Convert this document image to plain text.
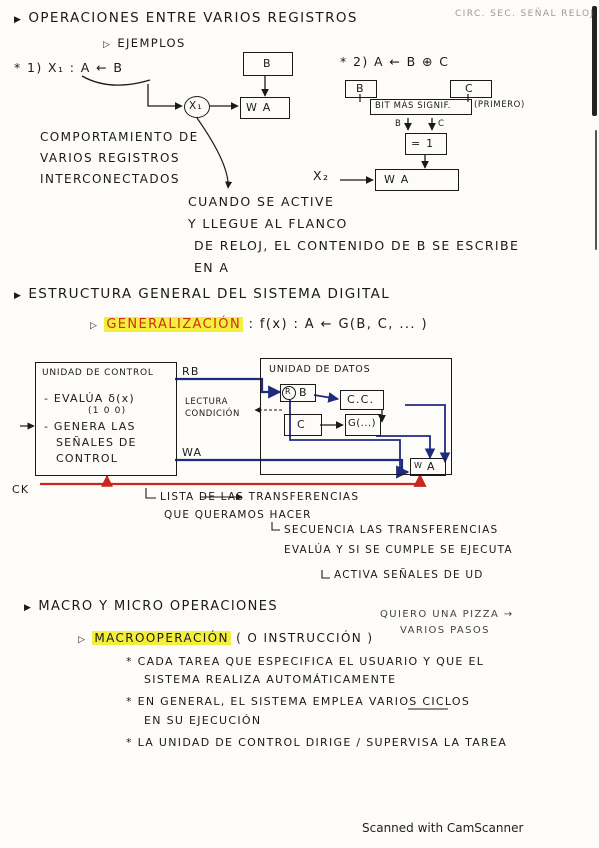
▶ OPERACIONES ENTRE VARIOS REGISTROS	CIRC. SEC. SEÑAL RELOJ
▷ EJEMPLOS
* 1) X₁ : A ← B	B
X₁	W A
* 2) A ← B ⊕ C
B	C
BIT MÁS SIGNIF.	(PRIMERO)
B	C
= 1
X₂	W A
COMPORTAMIENTO DE
VARIOS REGISTROS
INTERCONECTADOS
CUANDO SE ACTIVE
Y LLEGUE AL FLANCO
DE RELOJ, EL CONTENIDO DE B SE ESCRIBE
EN A
▶ ESTRUCTURA GENERAL DEL SISTEMA DIGITAL
▷ GENERALIZACIÓN : f(x) : A ← G(B, C, ... )
UNIDAD DE CONTROL
- EVALÚA δ(x)
(1 0 0)
- GENERA LAS
SEÑALES DE
CONTROL
RB
LECTURA
CONDICIÓN
WA
CK
UNIDAD DE DATOS
R B
C.C.
C	G(...)
W A
LISTA DE LAS TRANSFERENCIAS
QUE QUERAMOS HACER
SECUENCIA LAS TRANSFERENCIAS
EVALÚA Y SI SE CUMPLE SE EJECUTA
ACTIVA SEÑALES DE UD
▶ MACRO Y MICRO OPERACIONES
QUIERO UNA PIZZA →
VARIOS PASOS
▷ MACROOPERACIÓN ( O INSTRUCCIÓN )
* CADA TAREA QUE ESPECIFICA EL USUARIO Y QUE EL
SISTEMA REALIZA AUTOMÁTICAMENTE
* EN GENERAL, EL SISTEMA EMPLEA VARIOS CICLOS
EN SU EJECUCIÓN
* LA UNIDAD DE CONTROL DIRIGE / SUPERVISA LA TAREA
Scanned with CamScanner
